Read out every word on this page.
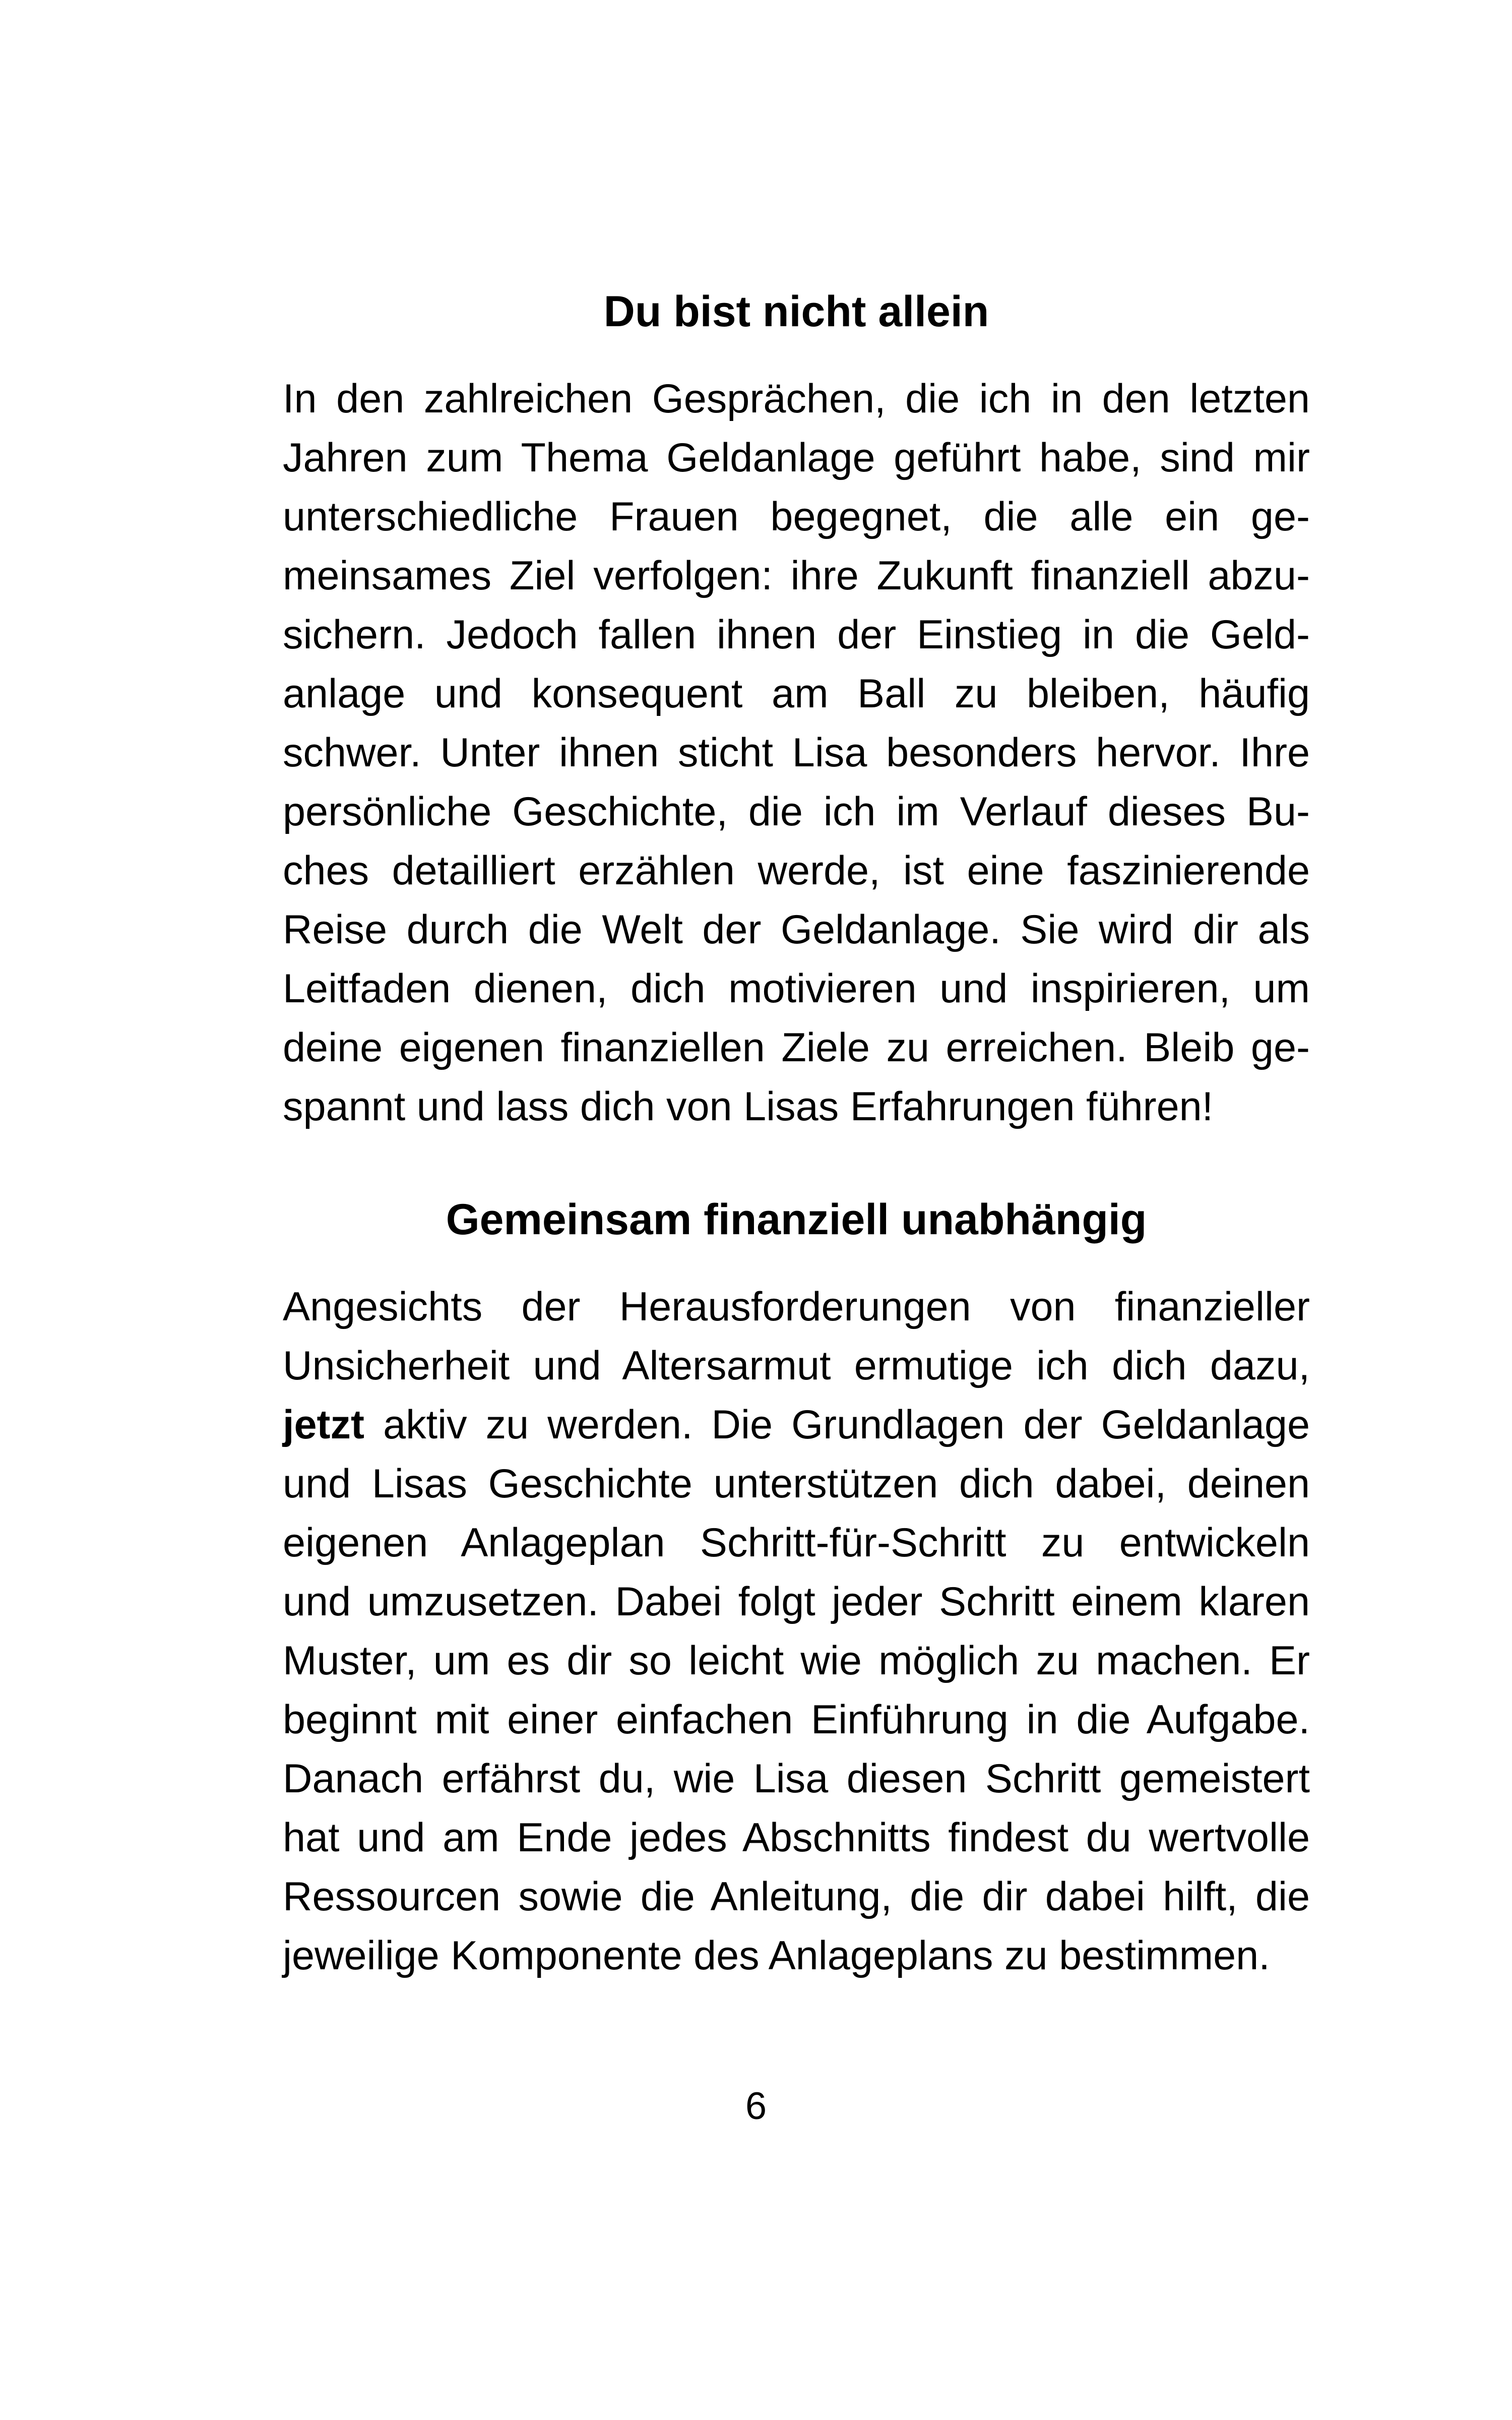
Du bist nicht allein

In den zahlreichen Gesprächen, die ich in den letzten
Jahren zum Thema Geldanlage geführt habe, sind mir
unterschiedliche Frauen begegnet, die alle ein ge-
meinsames Ziel verfolgen: ihre Zukunft finanziell abzu-
sichern. Jedoch fallen ihnen der Einstieg in die Geld-
anlage und konsequent am Ball zu bleiben, häufig
schwer. Unter ihnen sticht Lisa besonders hervor. Ihre
persönliche Geschichte, die ich im Verlauf dieses Bu-
ches detailliert erzählen werde, ist eine faszinierende
Reise durch die Welt der Geldanlage. Sie wird dir als
Leitfaden dienen, dich motivieren und inspirieren, um
deine eigenen finanziellen Ziele zu erreichen. Bleib ge-
spannt und lass dich von Lisas Erfahrungen führen!

Gemeinsam finanziell unabhängig

Angesichts der Herausforderungen von finanzieller
Unsicherheit und Altersarmut ermutige ich dich dazu,
jetzt aktiv zu werden. Die Grundlagen der Geldanlage
und Lisas Geschichte unterstützen dich dabei, deinen
eigenen Anlageplan Schritt-für-Schritt zu entwickeln
und umzusetzen. Dabei folgt jeder Schritt einem klaren
Muster, um es dir so leicht wie möglich zu machen. Er
beginnt mit einer einfachen Einführung in die Aufgabe.
Danach erfährst du, wie Lisa diesen Schritt gemeistert
hat und am Ende jedes Abschnitts findest du wertvolle
Ressourcen sowie die Anleitung, die dir dabei hilft, die
jeweilige Komponente des Anlageplans zu bestimmen.

6
